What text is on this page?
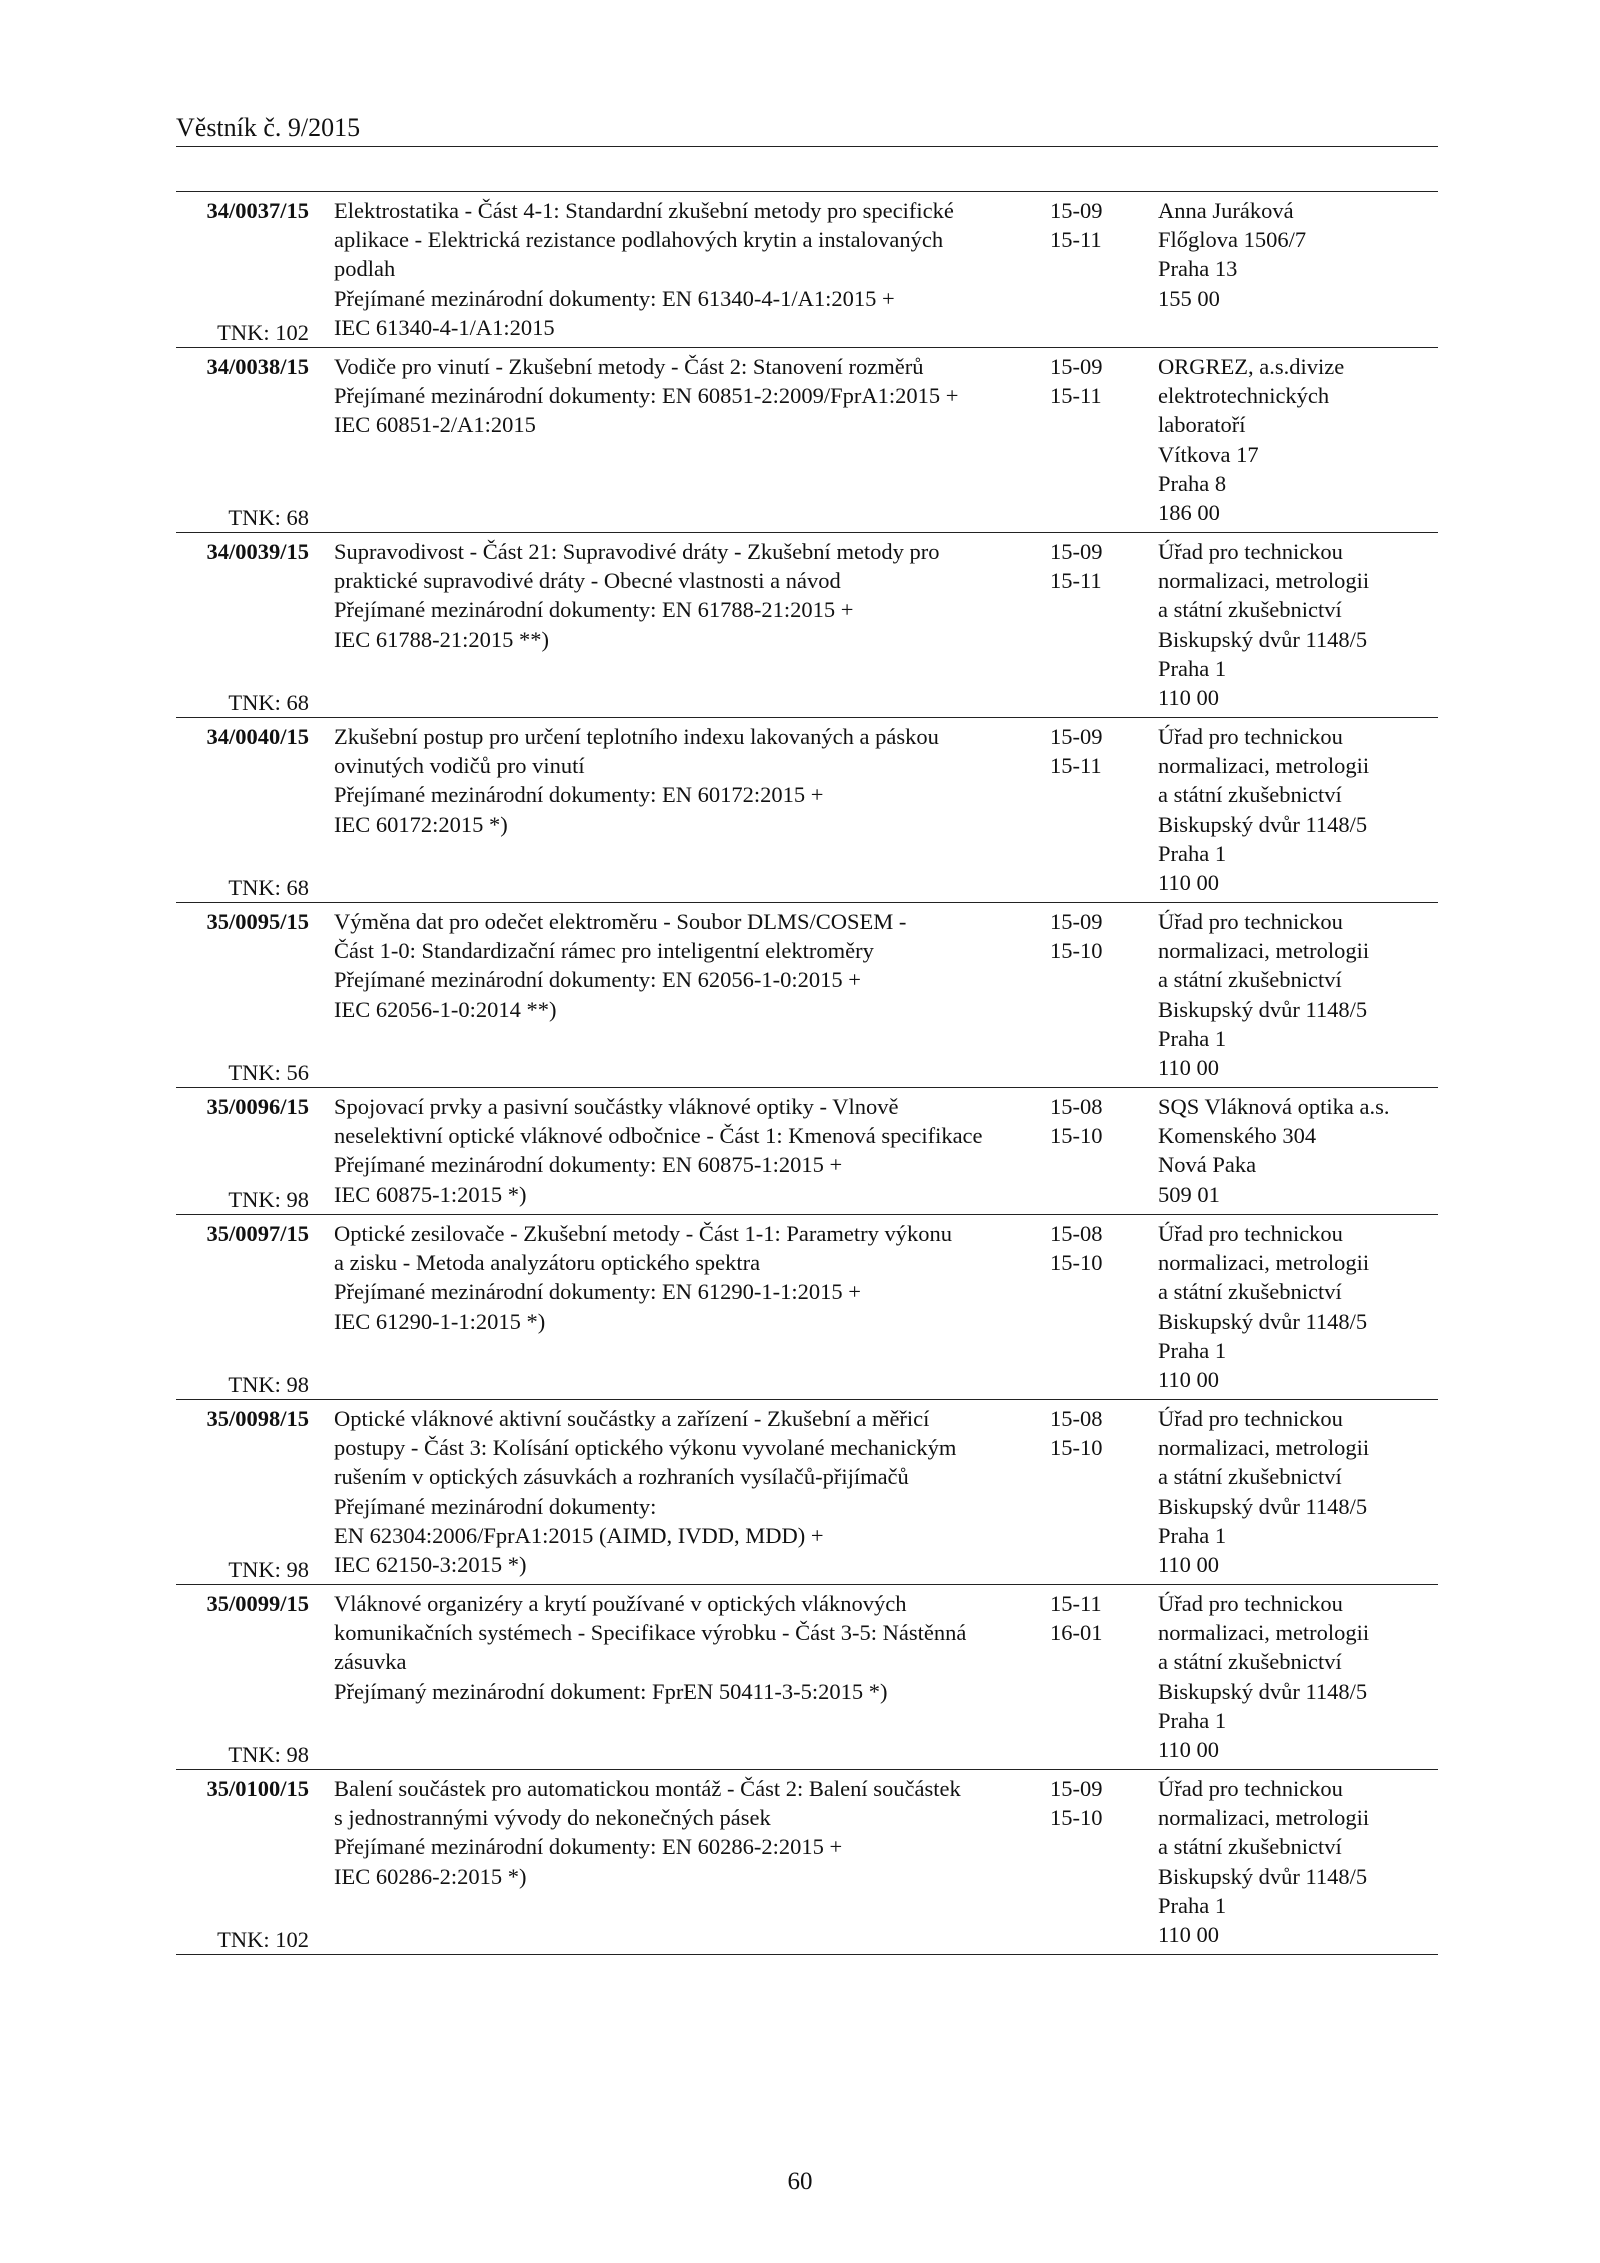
Věstník č. 9/2015
34/0037/15
TNK: 102
Elektrostatika - Část 4-1: Standardní zkušební metody pro specifické
aplikace - Elektrická rezistance podlahových krytin a instalovaných
podlah
Přejímané mezinárodní dokumenty: EN 61340-4-1/A1:2015 +
IEC 61340-4-1/A1:2015
15-09
15-11
Anna Juráková
Flőglova 1506/7
Praha 13
155 00
34/0038/15
TNK: 68
Vodiče pro vinutí - Zkušební metody - Část 2: Stanovení rozměrů
Přejímané mezinárodní dokumenty: EN 60851-2:2009/FprA1:2015 +
IEC 60851-2/A1:2015
15-09
15-11
ORGREZ, a.s.divize
elektrotechnických
laboratoří
Vítkova 17
Praha 8
186 00
34/0039/15
TNK: 68
Supravodivost - Část 21: Supravodivé dráty - Zkušební metody pro
praktické supravodivé dráty - Obecné vlastnosti a návod
Přejímané mezinárodní dokumenty: EN 61788-21:2015 +
IEC 61788-21:2015 **)
15-09
15-11
Úřad pro technickou
normalizaci, metrologii
a státní zkušebnictví
Biskupský dvůr 1148/5
Praha 1
110 00
34/0040/15
TNK: 68
Zkušební postup pro určení teplotního indexu lakovaných a páskou
ovinutých vodičů pro vinutí
Přejímané mezinárodní dokumenty: EN 60172:2015 +
IEC 60172:2015 *)
15-09
15-11
Úřad pro technickou
normalizaci, metrologii
a státní zkušebnictví
Biskupský dvůr 1148/5
Praha 1
110 00
35/0095/15
TNK: 56
Výměna dat pro odečet elektroměru - Soubor DLMS/COSEM -
Část 1-0: Standardizační rámec pro inteligentní elektroměry
Přejímané mezinárodní dokumenty: EN 62056-1-0:2015 +
IEC 62056-1-0:2014 **)
15-09
15-10
Úřad pro technickou
normalizaci, metrologii
a státní zkušebnictví
Biskupský dvůr 1148/5
Praha 1
110 00
35/0096/15
TNK: 98
Spojovací prvky a pasivní součástky vláknové optiky - Vlnově
neselektivní optické vláknové odbočnice - Část 1: Kmenová specifikace
Přejímané mezinárodní dokumenty: EN 60875-1:2015 +
IEC 60875-1:2015 *)
15-08
15-10
SQS Vláknová optika a.s.
Komenského 304
Nová Paka
509 01
35/0097/15
TNK: 98
Optické zesilovače - Zkušební metody - Část 1-1: Parametry výkonu
a zisku - Metoda analyzátoru optického spektra
Přejímané mezinárodní dokumenty: EN 61290-1-1:2015 +
IEC 61290-1-1:2015 *)
15-08
15-10
Úřad pro technickou
normalizaci, metrologii
a státní zkušebnictví
Biskupský dvůr 1148/5
Praha 1
110 00
35/0098/15
TNK: 98
Optické vláknové aktivní součástky a zařízení - Zkušební a měřicí
postupy - Část 3: Kolísání optického výkonu vyvolané mechanickým
rušením v optických zásuvkách a rozhraních vysílačů-přijímačů
Přejímané mezinárodní dokumenty:
EN 62304:2006/FprA1:2015 (AIMD, IVDD, MDD) +
IEC 62150-3:2015 *)
15-08
15-10
Úřad pro technickou
normalizaci, metrologii
a státní zkušebnictví
Biskupský dvůr 1148/5
Praha 1
110 00
35/0099/15
TNK: 98
Vláknové organizéry a krytí používané v optických vláknových
komunikačních systémech - Specifikace výrobku - Část 3-5: Nástěnná
zásuvka
Přejímaný mezinárodní dokument: FprEN 50411-3-5:2015 *)
15-11
16-01
Úřad pro technickou
normalizaci, metrologii
a státní zkušebnictví
Biskupský dvůr 1148/5
Praha 1
110 00
35/0100/15
TNK: 102
Balení součástek pro automatickou montáž - Část 2: Balení součástek
s jednostrannými vývody do nekonečných pásek
Přejímané mezinárodní dokumenty: EN 60286-2:2015 +
IEC 60286-2:2015 *)
15-09
15-10
Úřad pro technickou
normalizaci, metrologii
a státní zkušebnictví
Biskupský dvůr 1148/5
Praha 1
110 00
60
